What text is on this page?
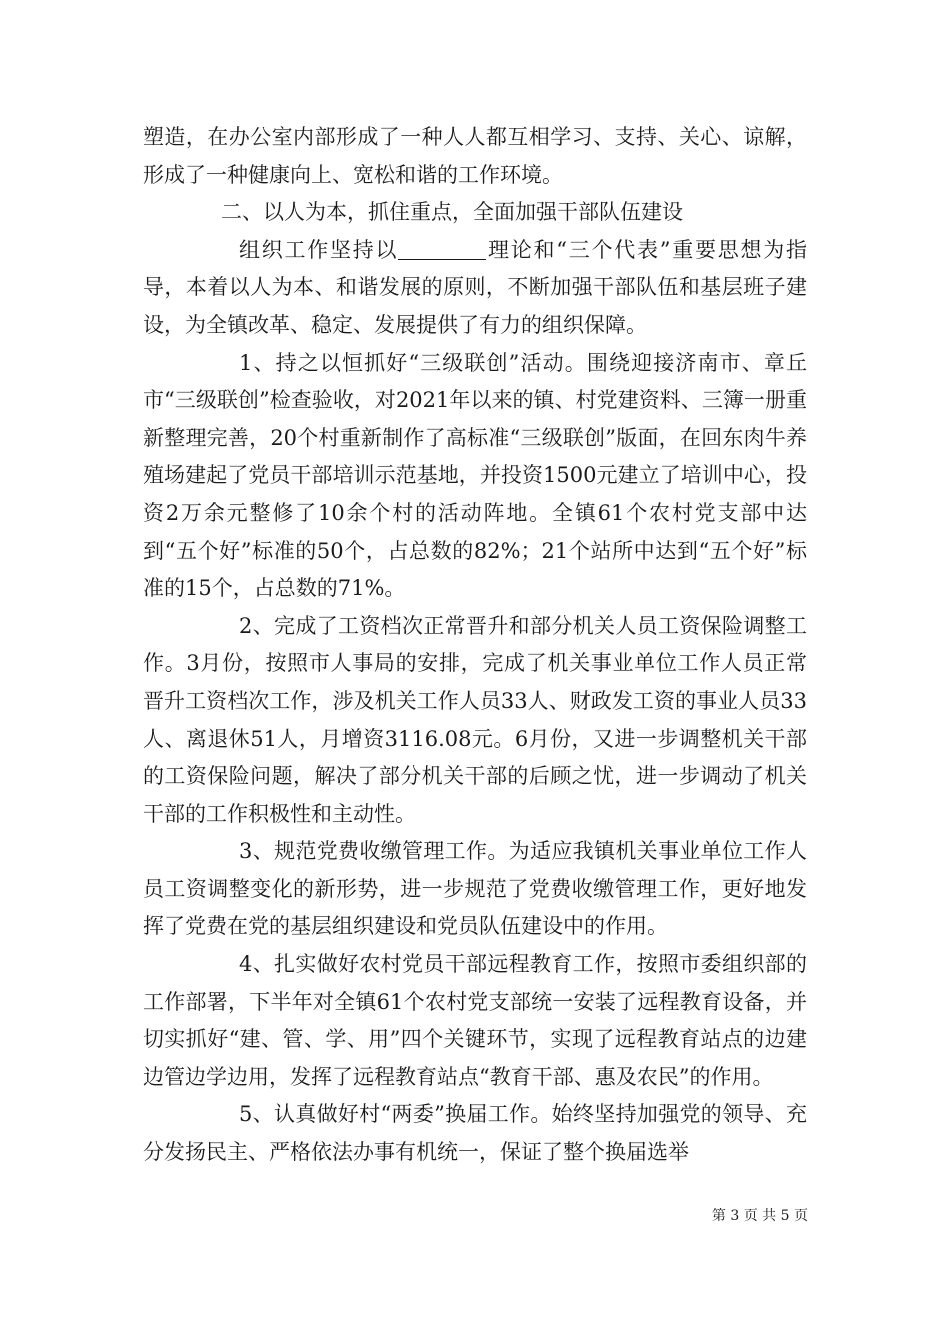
塑造，在办公室内部形成了一种人人都互相学习、支持、关心、谅解，形成了一种健康向上、宽松和谐的工作环境。

二、以人为本，抓住重点，全面加强干部队伍建设

组织工作坚持以	理论和“三个代表”重要思想为指导，本着以人为本、和谐发展的原则，不断加强干部队伍和基层班子建设，为全镇改革、稳定、发展提供了有力的组织保障。

1、持之以恒抓好“三级联创”活动。围绕迎接济南市、章丘市“三级联创”检查验收，对2021年以来的镇、村党建资料、三簿一册重新整理完善，20个村重新制作了高标准“三级联创”版面，在回东肉牛养殖场建起了党员干部培训示范基地，并投资1500元建立了培训中心，投资2万余元整修了10余个村的活动阵地。全镇61个农村党支部中达到“五个好”标准的50个，占总数的82%；21个站所中达到“五个好”标准的15个，占总数的71%。

2、完成了工资档次正常晋升和部分机关人员工资保险调整工作。3月份，按照市人事局的安排，完成了机关事业单位工作人员正常晋升工资档次工作，涉及机关工作人员33人、财政发工资的事业人员33人、离退休51人，月增资3116.08元。6月份，又进一步调整机关干部的工资保险问题，解决了部分机关干部的后顾之忧，进一步调动了机关干部的工作积极性和主动性。

3、规范党费收缴管理工作。为适应我镇机关事业单位工作人员工资调整变化的新形势，进一步规范了党费收缴管理工作，更好地发挥了党费在党的基层组织建设和党员队伍建设中的作用。

4、扎实做好农村党员干部远程教育工作，按照市委组织部的工作部署，下半年对全镇61个农村党支部统一安装了远程教育设备，并切实抓好“建、管、学、用”四个关键环节，实现了远程教育站点的边建边管边学边用，发挥了远程教育站点“教育干部、惠及农民”的作用。

5、认真做好村“两委”换届工作。始终坚持加强党的领导、充分发扬民主、严格依法办事有机统一，保证了整个换届选举

第 3 页 共 5 页
